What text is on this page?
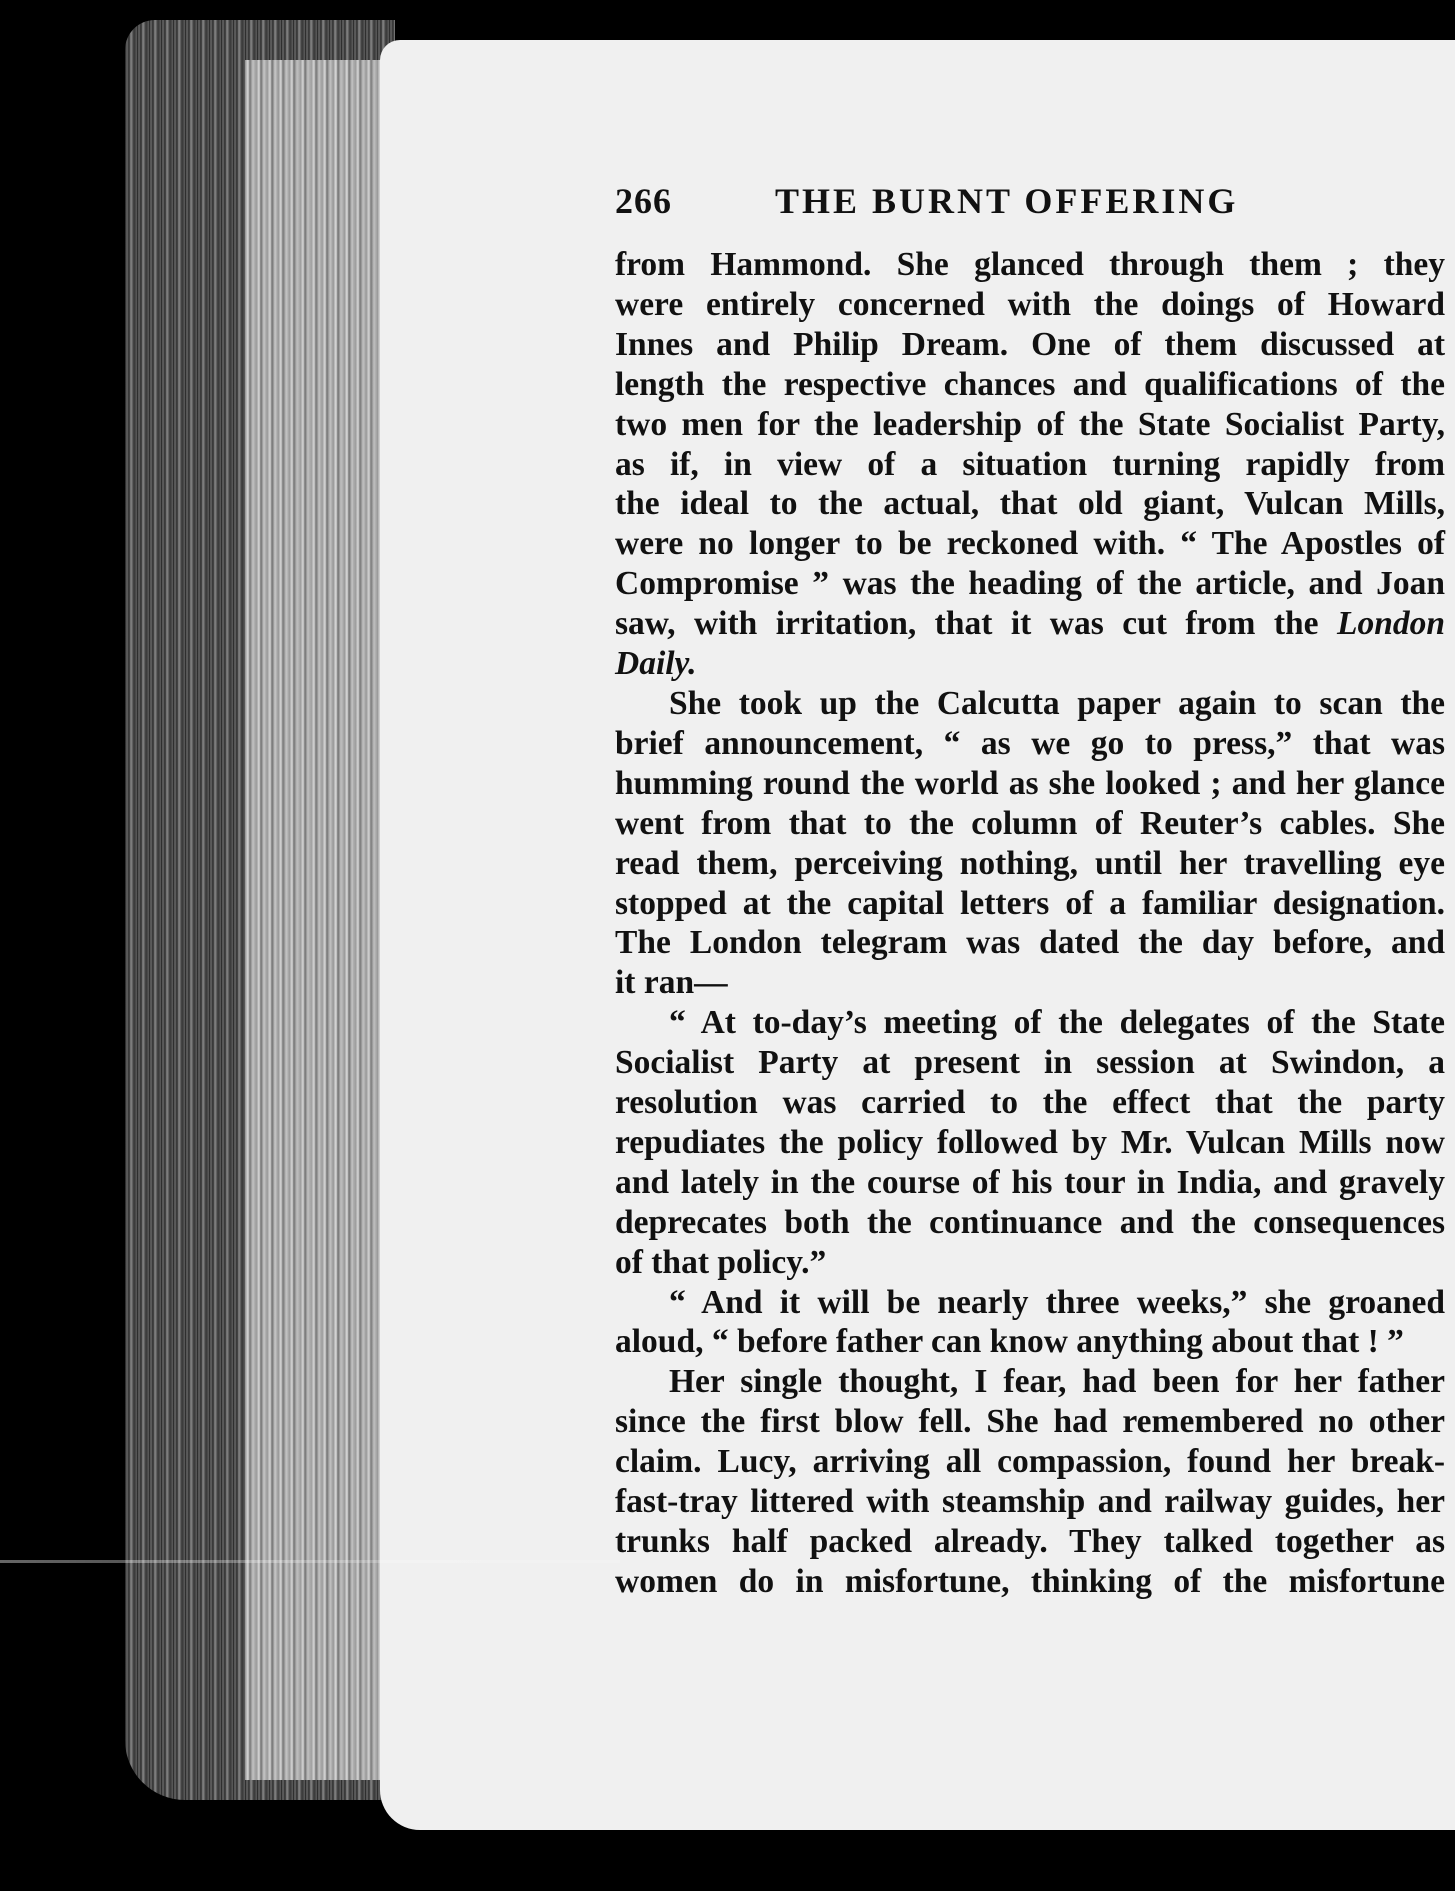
266	THE BURNT OFFERING
from Hammond. She glanced through them ; they
were entirely concerned with the doings of Howard
Innes and Philip Dream. One of them discussed at
length the respective chances and qualifications of the
two men for the leadership of the State Socialist Party,
as if, in view of a situation turning rapidly from
the ideal to the actual, that old giant, Vulcan Mills,
were no longer to be reckoned with. “ The Apostles of
Compromise ” was the heading of the article, and Joan
saw, with irritation, that it was cut from the London
Daily.
She took up the Calcutta paper again to scan the
brief announcement, “ as we go to press,” that was
humming round the world as she looked ; and her glance
went from that to the column of Reuter’s cables. She
read them, perceiving nothing, until her travelling eye
stopped at the capital letters of a familiar designation.
The London telegram was dated the day before, and
it ran—
“ At to-day’s meeting of the delegates of the State
Socialist Party at present in session at Swindon, a
resolution was carried to the effect that the party
repudiates the policy followed by Mr. Vulcan Mills now
and lately in the course of his tour in India, and gravely
deprecates both the continuance and the consequences
of that policy.”
“ And it will be nearly three weeks,” she groaned
aloud, “ before father can know anything about that ! ”
Her single thought, I fear, had been for her father
since the first blow fell. She had remembered no other
claim. Lucy, arriving all compassion, found her break-
fast-tray littered with steamship and railway guides, her
trunks half packed already. They talked together as
women do in misfortune, thinking of the misfortune
